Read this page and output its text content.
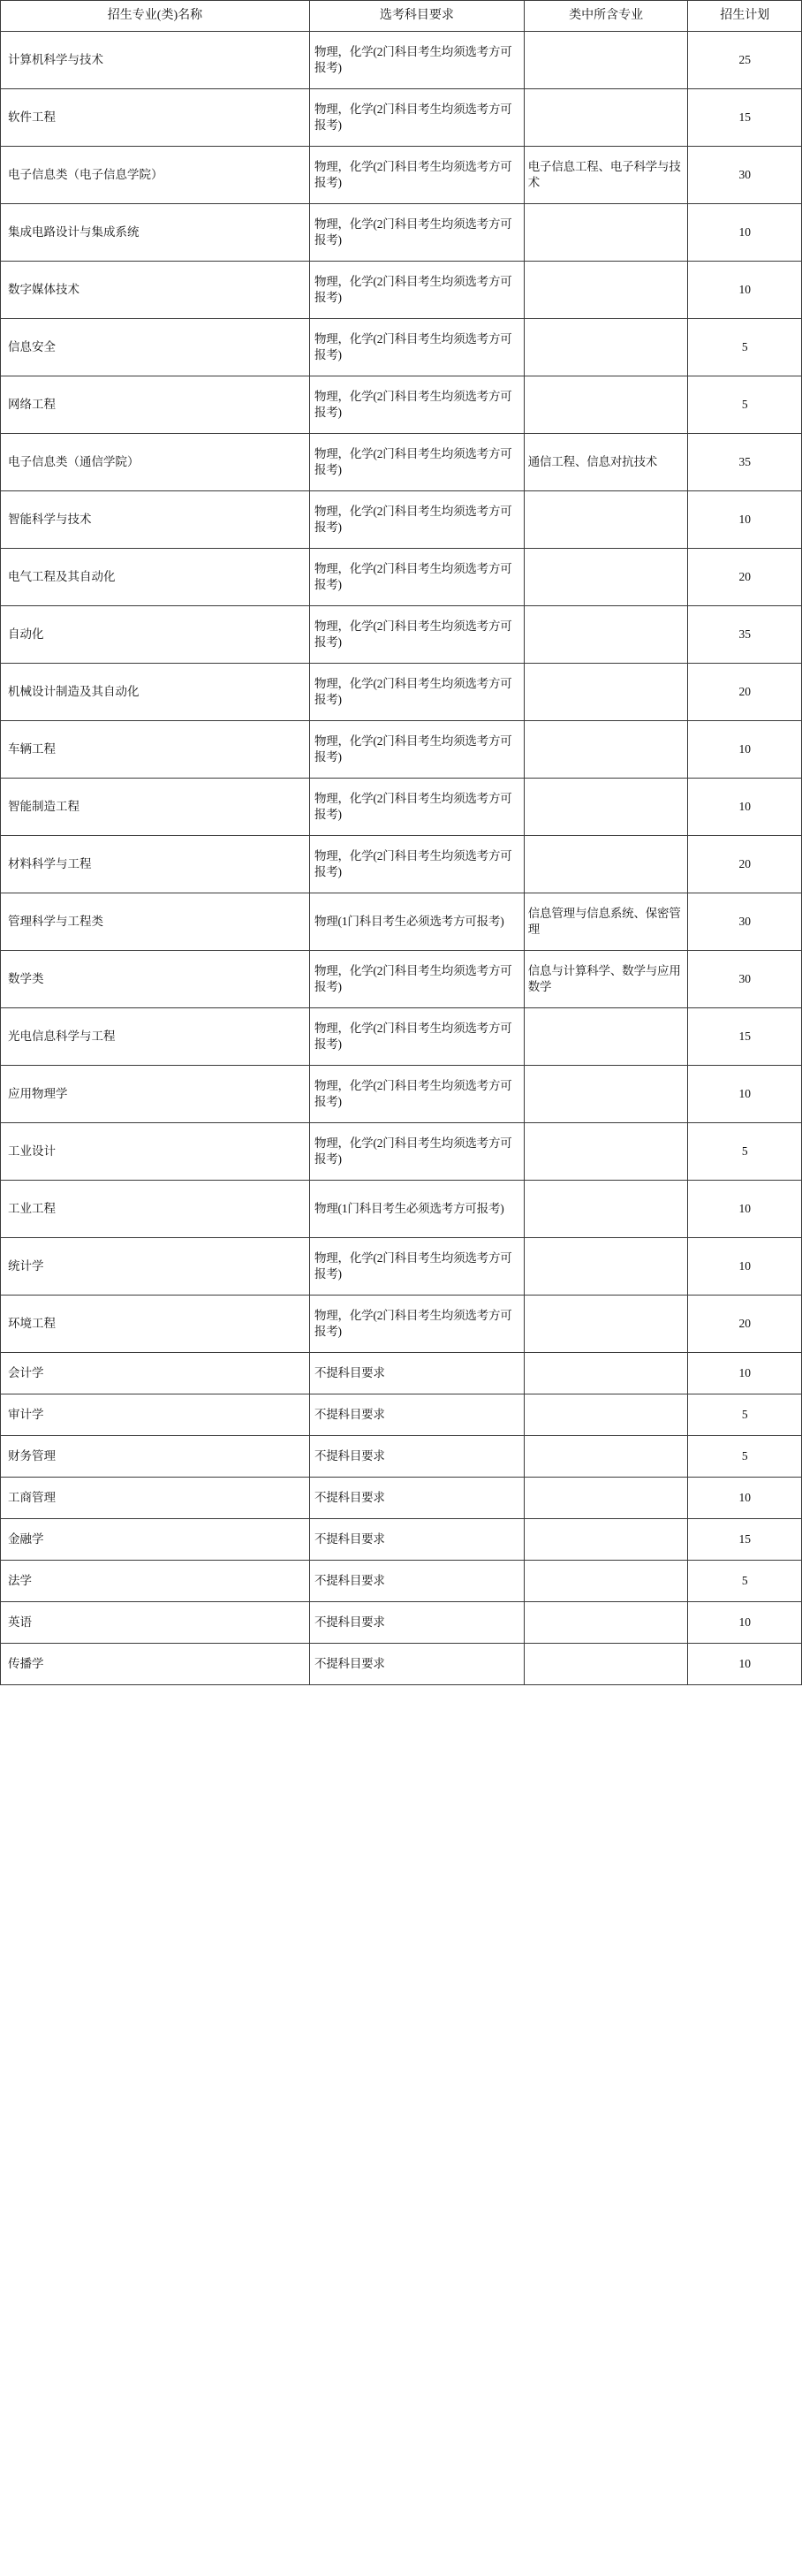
招生专业(类)名称	选考科目要求	类中所含专业	招生计划
计算机科学与技术	物理，化学(2门科目考生均须选考方可报考)		25
软件工程	物理，化学(2门科目考生均须选考方可报考)		15
电子信息类（电子信息学院）	物理，化学(2门科目考生均须选考方可报考)	电子信息工程、电子科学与技术	30
集成电路设计与集成系统	物理，化学(2门科目考生均须选考方可报考)		10
数字媒体技术	物理，化学(2门科目考生均须选考方可报考)		10
信息安全	物理，化学(2门科目考生均须选考方可报考)		5
网络工程	物理，化学(2门科目考生均须选考方可报考)		5
电子信息类（通信学院）	物理，化学(2门科目考生均须选考方可报考)	通信工程、信息对抗技术	35
智能科学与技术	物理，化学(2门科目考生均须选考方可报考)		10
电气工程及其自动化	物理，化学(2门科目考生均须选考方可报考)		20
自动化	物理，化学(2门科目考生均须选考方可报考)		35
机械设计制造及其自动化	物理，化学(2门科目考生均须选考方可报考)		20
车辆工程	物理，化学(2门科目考生均须选考方可报考)		10
智能制造工程	物理，化学(2门科目考生均须选考方可报考)		10
材料科学与工程	物理，化学(2门科目考生均须选考方可报考)		20
管理科学与工程类	物理(1门科目考生必须选考方可报考)	信息管理与信息系统、保密管理	30
数学类	物理，化学(2门科目考生均须选考方可报考)	信息与计算科学、数学与应用数学	30
光电信息科学与工程	物理，化学(2门科目考生均须选考方可报考)		15
应用物理学	物理，化学(2门科目考生均须选考方可报考)		10
工业设计	物理，化学(2门科目考生均须选考方可报考)		5
工业工程	物理(1门科目考生必须选考方可报考)		10
统计学	物理，化学(2门科目考生均须选考方可报考)		10
环境工程	物理，化学(2门科目考生均须选考方可报考)		20
会计学	不提科目要求		10
审计学	不提科目要求		5
财务管理	不提科目要求		5
工商管理	不提科目要求		10
金融学	不提科目要求		15
法学	不提科目要求		5
英语	不提科目要求		10
传播学	不提科目要求		10
